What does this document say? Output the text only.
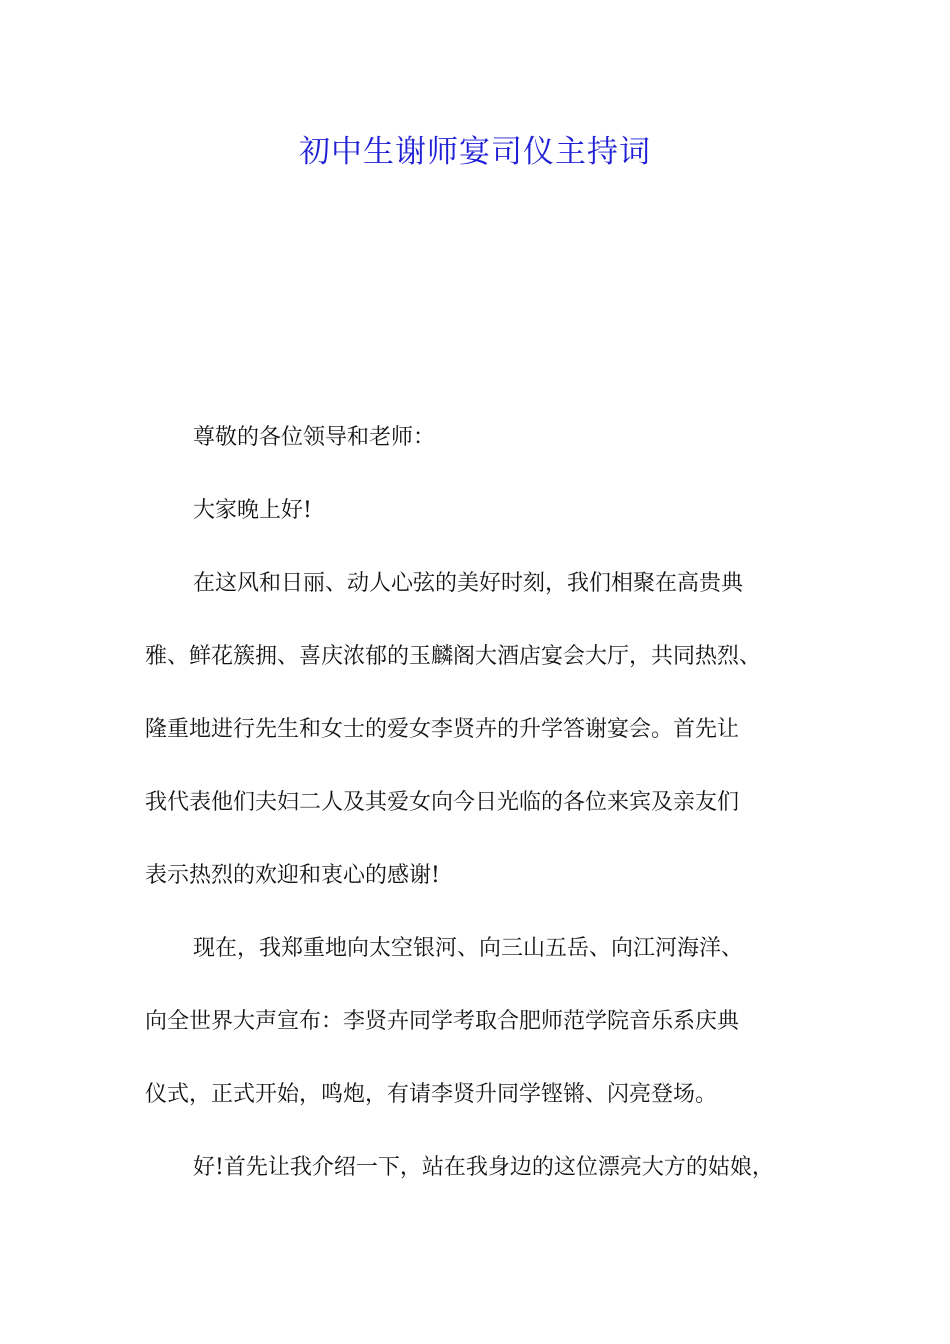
初中生谢师宴司仪主持词
尊敬的各位领导和老师：
大家晚上好!
在这风和日丽、动人心弦的美好时刻，我们相聚在高贵典
雅、鲜花簇拥、喜庆浓郁的玉麟阁大酒店宴会大厅，共同热烈、
隆重地进行先生和女士的爱女李贤卉的升学答谢宴会。首先让
我代表他们夫妇二人及其爱女向今日光临的各位来宾及亲友们
表示热烈的欢迎和衷心的感谢!
现在，我郑重地向太空银河、向三山五岳、向江河海洋、
向全世界大声宣布：李贤卉同学考取合肥师范学院音乐系庆典
仪式，正式开始，鸣炮，有请李贤升同学铿锵、闪亮登场。
好!首先让我介绍一下，站在我身边的这位漂亮大方的姑娘，
